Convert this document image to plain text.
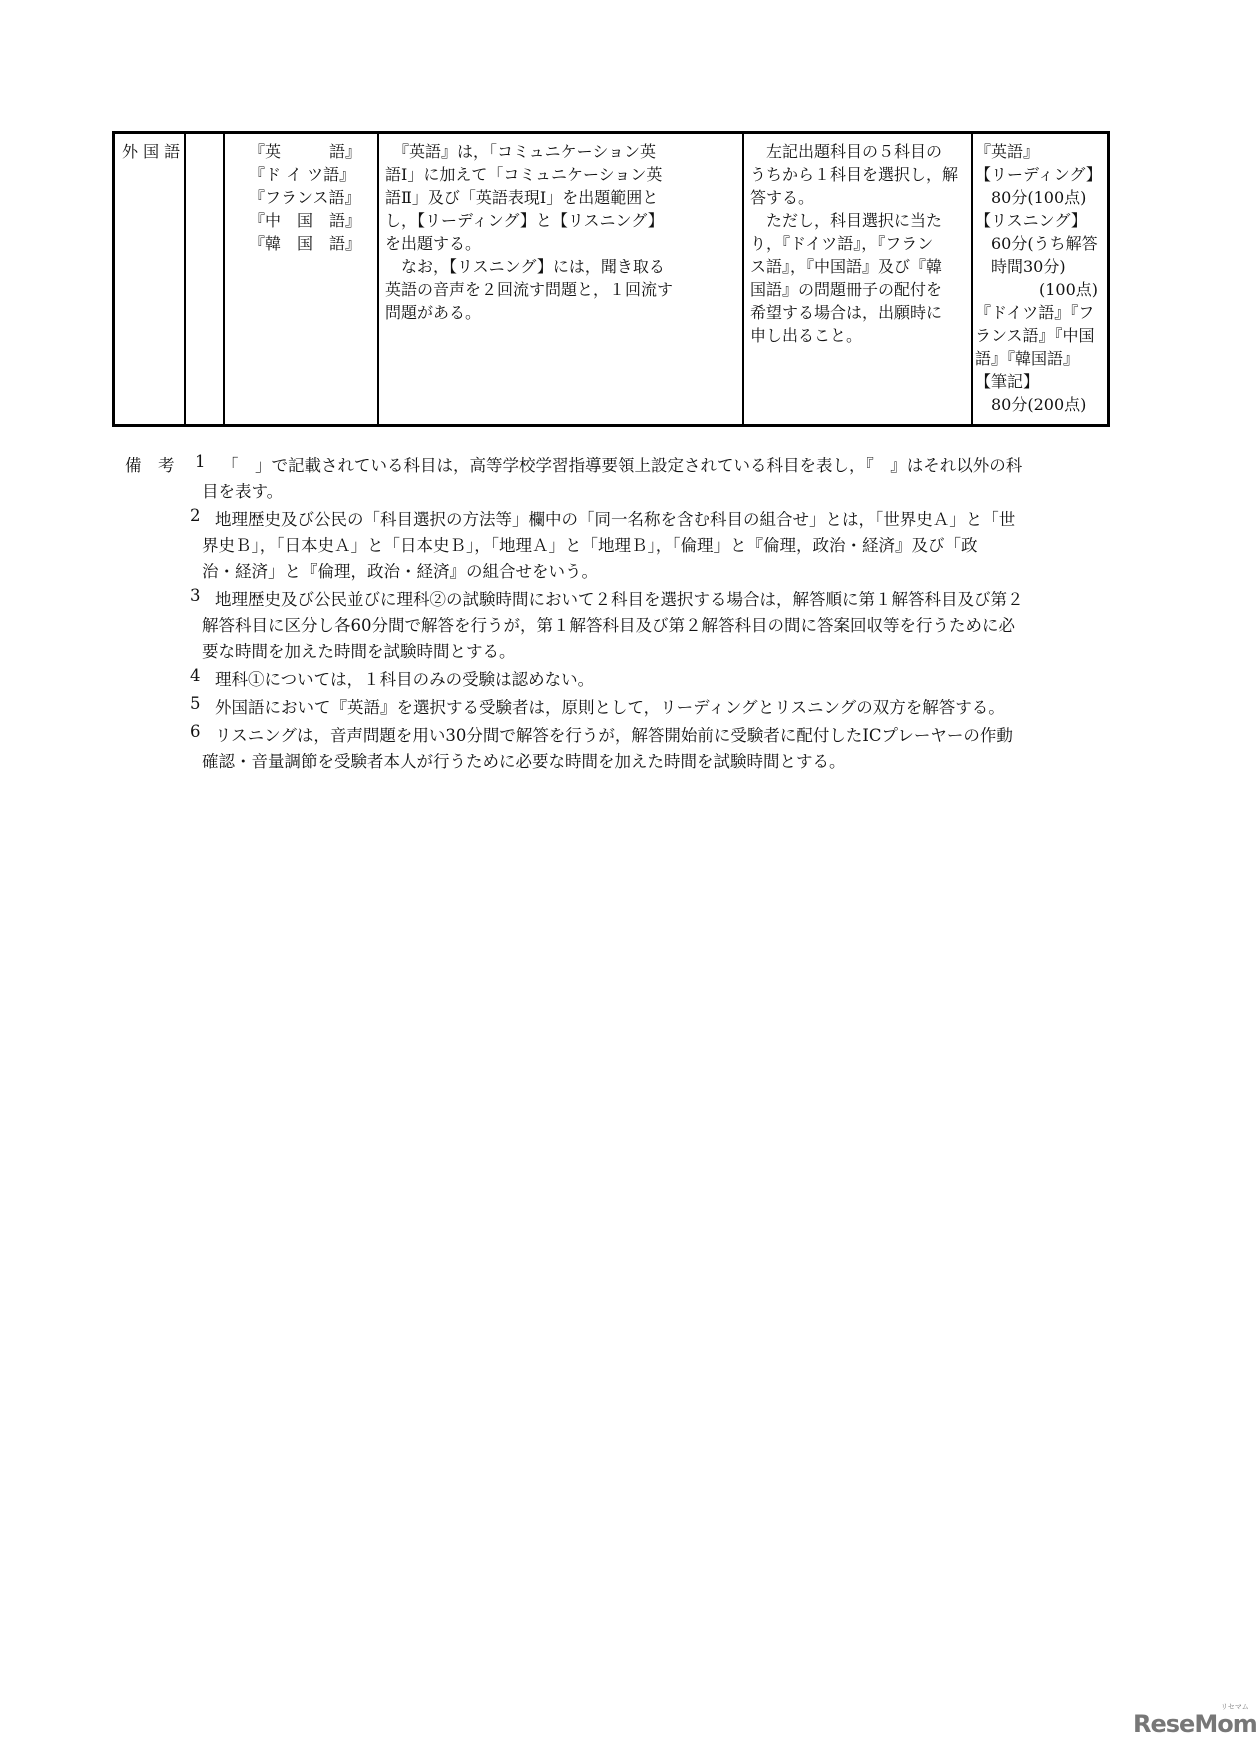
外 国 語	『英　　　語』
『ド イ ツ語』
『フランス語』
『中　国　語』
『韓　国　語』
　『英語』は，「コミュニケーション英
語Ⅰ」に加えて「コミュニケーション英
語Ⅱ」及び「英語表現Ⅰ」を出題範囲と
し，【リーディング】と【リスニング】
を出題する。
　なお，【リスニング】には，聞き取る
英語の音声を２回流す問題と，１回流す
問題がある。
　左記出題科目の５科目の
うちから１科目を選択し，解
答する。
　ただし，科目選択に当た
り，『ドイツ語』，『フラン
ス語』，『中国語』及び『韓
国語』の問題冊子の配付を
希望する場合は，出願時に
申し出ること。
『英語』
【リーディング】
　80分(100点)
【リスニング】
　60分(うち解答
　時間30分)
　　　　(100点)
『ドイツ語』『フ
ランス語』『中国
語』『韓国語』
【筆記】
　80分(200点)
備　考 1 「　」で記載されている科目は，高等学校学習指導要領上設定されている科目を表し，『　』はそれ以外の科
目を表す。
2 地理歴史及び公民の「科目選択の方法等」欄中の「同一名称を含む科目の組合せ」とは，「世界史Ａ」と「世
界史Ｂ」，「日本史Ａ」と「日本史Ｂ」，「地理Ａ」と「地理Ｂ」，「倫理」と『倫理，政治・経済』及び「政
治・経済」と『倫理，政治・経済』の組合せをいう。
3 地理歴史及び公民並びに理科②の試験時間において２科目を選択する場合は，解答順に第１解答科目及び第２
解答科目に区分し各60分間で解答を行うが，第１解答科目及び第２解答科目の間に答案回収等を行うために必
要な時間を加えた時間を試験時間とする。
4 理科①については，１科目のみの受験は認めない。
5 外国語において『英語』を選択する受験者は，原則として，リーディングとリスニングの双方を解答する。
6 リスニングは，音声問題を用い30分間で解答を行うが，解答開始前に受験者に配付したICプレーヤーの作動
確認・音量調節を受験者本人が行うために必要な時間を加えた時間を試験時間とする。
ReseMom
リセマム
